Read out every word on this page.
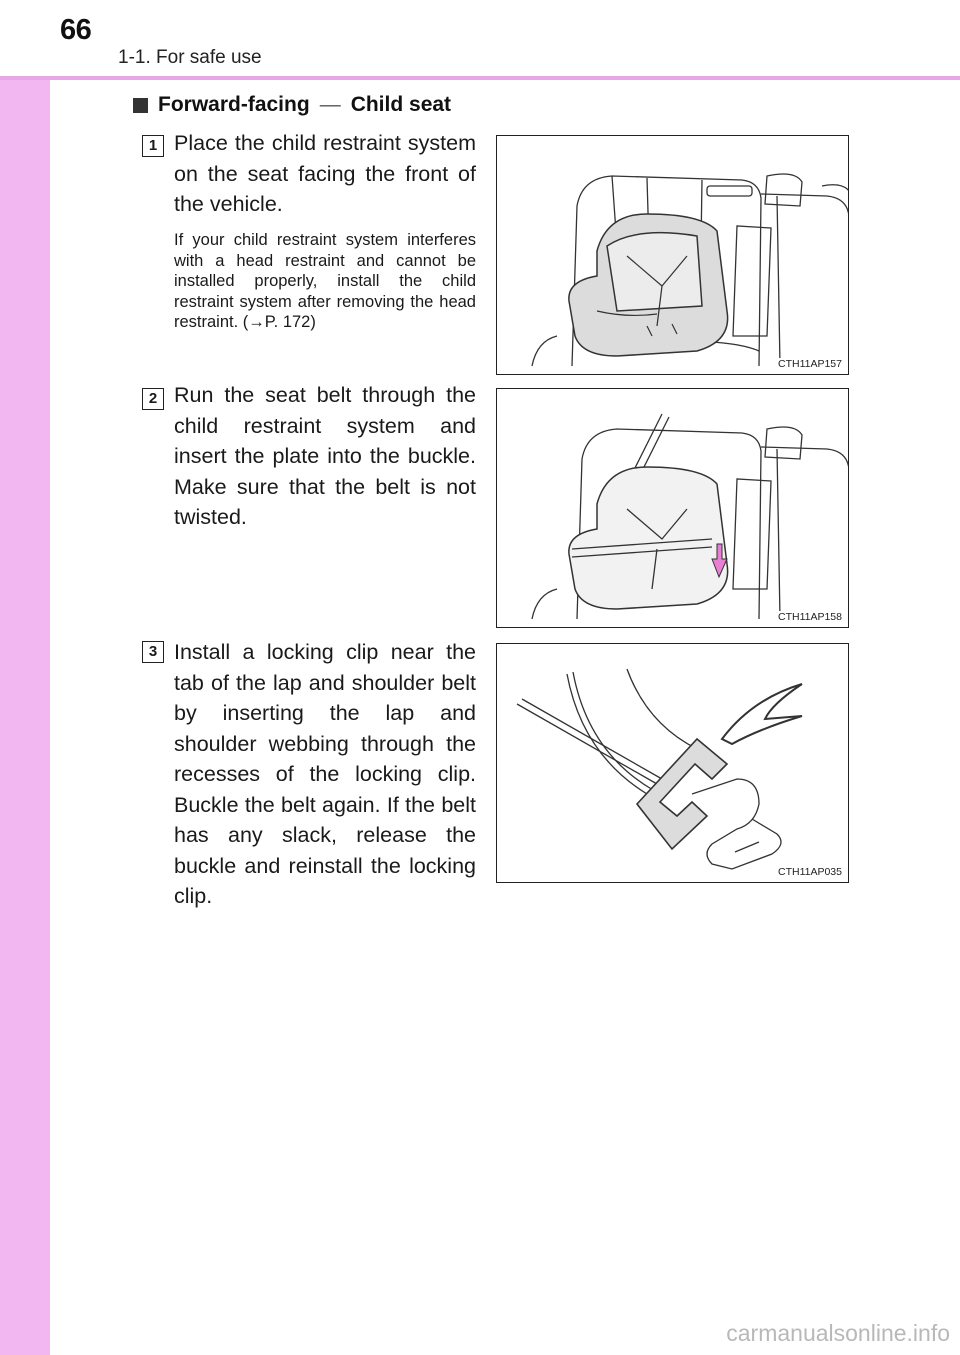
66
1-1. For safe use
Forward-facing — Child seat
1 Place the child restraint system on the seat facing the front of the vehicle.
If your child restraint system interferes with a head restraint and cannot be installed properly, install the child restraint system after removing the head restraint. (→P. 172)
CTH11AP157
2 Run the seat belt through the child restraint system and insert the plate into the buckle. Make sure that the belt is not twisted.
CTH11AP158
3 Install a locking clip near the tab of the lap and shoulder belt by inserting the lap and shoulder webbing through the recesses of the locking clip. Buckle the belt again. If the belt has any slack, release the buckle and reinstall the locking clip.
CTH11AP035
carmanualsonline.info
